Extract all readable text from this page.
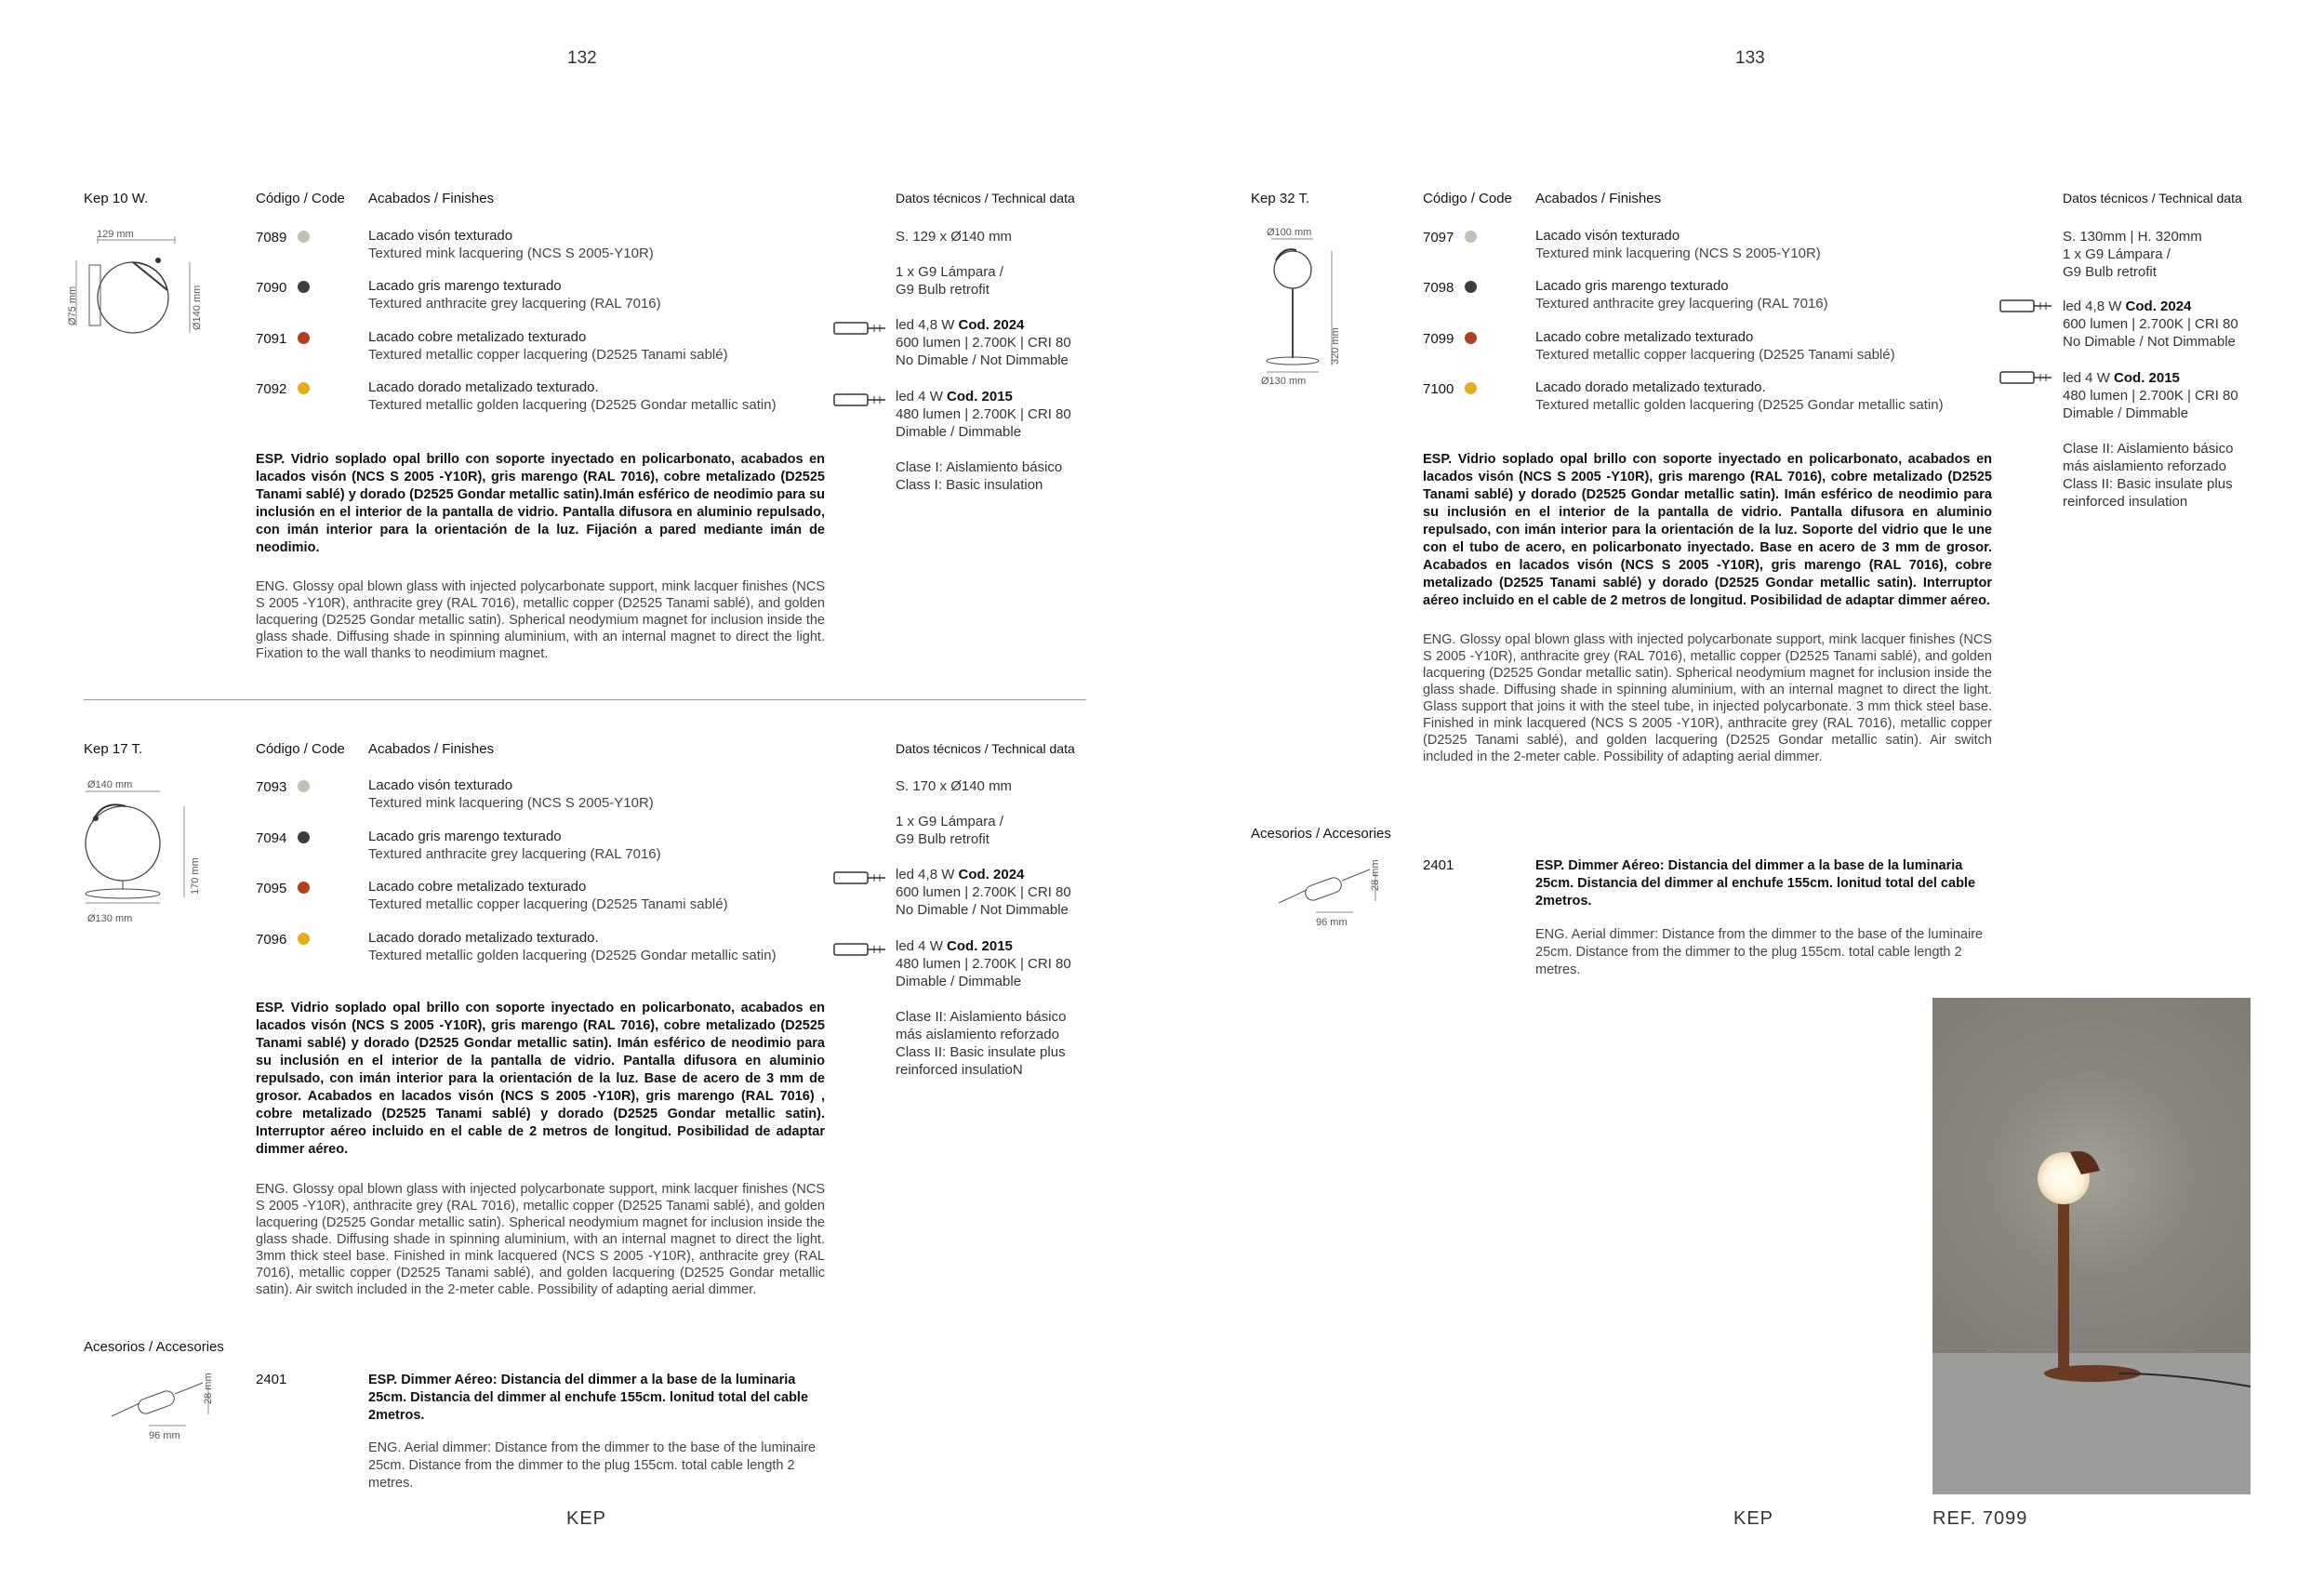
132
Kep 10 W.	Código / Code Acabados / Finishes	Datos técnicos / Technical data
129 mm
Ø75 mm	Ø140 mm
7089	Lacado visón texturado
Textured mink lacquering (NCS S 2005-Y10R)
7090	Lacado gris marengo texturado
Textured anthracite grey lacquering (RAL 7016)
7091	Lacado cobre metalizado texturado
Textured metallic copper lacquering (D2525 Tanami sablé)
7092	Lacado dorado metalizado texturado.
Textured metallic golden lacquering (D2525 Gondar metallic satin)
S. 129 x Ø140 mm
1 x G9 Lámpara /
G9 Bulb retrofit
led 4,8 W Cod. 2024
600 lumen | 2.700K | CRI 80
No Dimable / Not Dimmable
led 4 W Cod. 2015
480 lumen | 2.700K | CRI 80
Dimable / Dimmable
Clase I: Aislamiento básico
Class I: Basic insulation
ESP. Vidrio soplado opal brillo con soporte inyectado en policarbonato, acabados en lacados visón (NCS S 2005 -Y10R), gris marengo (RAL 7016), cobre metalizado (D2525 Tanami sablé) y dorado (D2525 Gondar metallic satin).Imán esférico de neodimio para su inclusión en el interior de la pantalla de vidrio. Pantalla difusora en aluminio repulsado, con imán interior para la orientación de la luz. Fijación a pared mediante imán de neodimio.
ENG. Glossy opal blown glass with injected polycarbonate support, mink lacquer finishes (NCS S 2005 -Y10R), anthracite grey (RAL 7016), metallic copper (D2525 Tanami sablé), and golden lacquering (D2525 Gondar metallic satin). Spherical neodymium magnet for inclusion inside the glass shade. Diffusing shade in spinning aluminium, with an internal magnet to direct the light. Fixation to the wall thanks to neodimium magnet.
Kep 17 T.	Código / Code Acabados / Finishes	Datos técnicos / Technical data
Ø140 mm
Ø130 mm
170 mm
7093	Lacado visón texturado
Textured mink lacquering (NCS S 2005-Y10R)
7094	Lacado gris marengo texturado
Textured anthracite grey lacquering (RAL 7016)
7095	Lacado cobre metalizado texturado
Textured metallic copper lacquering (D2525 Tanami sablé)
7096	Lacado dorado metalizado texturado.
Textured metallic golden lacquering (D2525 Gondar metallic satin)
S. 170 x Ø140 mm
1 x G9 Lámpara /
G9 Bulb retrofit
led 4,8 W Cod. 2024
600 lumen | 2.700K | CRI 80
No Dimable / Not Dimmable
led 4 W Cod. 2015
480 lumen | 2.700K | CRI 80
Dimable / Dimmable
Clase II: Aislamiento básico
más aislamiento reforzado
Class II: Basic insulate plus
reinforced insulatioN
ESP. Vidrio soplado opal brillo con soporte inyectado en policarbonato, acabados en lacados visón (NCS S 2005 -Y10R), gris marengo (RAL 7016), cobre metalizado (D2525 Tanami sablé) y dorado (D2525 Gondar metallic satin). Imán esférico de neodimio para su inclusión en el interior de la pantalla de vidrio. Pantalla difusora en aluminio repulsado, con imán interior para la orientación de la luz. Base de acero de 3 mm de grosor. Acabados en lacados visón (NCS S 2005 -Y10R), gris marengo (RAL 7016) , cobre metalizado (D2525 Tanami sablé) y dorado (D2525 Gondar metallic satin). Interruptor aéreo incluido en el cable de 2 metros de longitud. Posibilidad de adaptar dimmer aéreo.
ENG. Glossy opal blown glass with injected polycarbonate support, mink lacquer finishes (NCS S 2005 -Y10R), anthracite grey (RAL 7016), metallic copper (D2525 Tanami sablé), and golden lacquering (D2525 Gondar metallic satin). Spherical neodymium magnet for inclusion inside the glass shade. Diffusing shade in spinning aluminium, with an internal magnet to direct the light. 3mm thick steel base. Finished in mink lacquered (NCS S 2005 -Y10R), anthracite grey (RAL 7016), metallic copper (D2525 Tanami sablé), and golden lacquering (D2525 Gondar metallic satin). Air switch included in the 2-meter cable. Possibility of adapting aerial dimmer.
Acesorios / Accesories
96 mm
28 mm	2401	ESP. Dimmer Aéreo: Distancia del dimmer a la base de la luminaria 25cm. Distancia del dimmer al enchufe 155cm. lonitud total del cable 2metros.
ENG. Aerial dimmer: Distance from the dimmer to the base of the luminaire 25cm. Distance from the dimmer to the plug 155cm. total cable length 2 metres.
KEP
133
Kep 32 T.	Código / Code Acabados / Finishes	Datos técnicos / Technical data
Ø100 mm
Ø130 mm
320 mm
7097	Lacado visón texturado
Textured mink lacquering (NCS S 2005-Y10R)
7098	Lacado gris marengo texturado
Textured anthracite grey lacquering (RAL 7016)
7099	Lacado cobre metalizado texturado
Textured metallic copper lacquering (D2525 Tanami sablé)
7100	Lacado dorado metalizado texturado.
Textured metallic golden lacquering (D2525 Gondar metallic satin)
S. 130mm | H. 320mm
1 x G9 Lámpara /
G9 Bulb retrofit
led 4,8 W Cod. 2024
600 lumen | 2.700K | CRI 80
No Dimable / Not Dimmable
led 4 W Cod. 2015
480 lumen | 2.700K | CRI 80
Dimable / Dimmable
Clase II: Aislamiento básico
más aislamiento reforzado
Class II: Basic insulate plus
reinforced insulation
ESP. Vidrio soplado opal brillo con soporte inyectado en policarbonato, acabados en lacados visón (NCS S 2005 -Y10R), gris marengo (RAL 7016), cobre metalizado (D2525 Tanami sablé) y dorado (D2525 Gondar metallic satin). Imán esférico de neodimio para su inclusión en el interior de la pantalla de vidrio. Pantalla difusora en aluminio repulsado, con imán interior para la orientación de la luz. Soporte del vidrio que le une con el tubo de acero, en policarbonato inyectado. Base en acero de 3 mm de grosor. Acabados en lacados visón (NCS S 2005 -Y10R), gris marengo (RAL 7016), cobre metalizado (D2525 Tanami sablé) y dorado (D2525 Gondar metallic satin). Interruptor aéreo incluido en el cable de 2 metros de longitud. Posibilidad de adaptar dimmer aéreo.
ENG. Glossy opal blown glass with injected polycarbonate support, mink lacquer finishes (NCS S 2005 -Y10R), anthracite grey (RAL 7016), metallic copper (D2525 Tanami sablé), and golden lacquering (D2525 Gondar metallic satin). Spherical neodymium magnet for inclusion inside the glass shade. Diffusing shade in spinning aluminium, with an internal magnet to direct the light. Glass support that joins it with the steel tube, in injected polycarbonate. 3 mm thick steel base. Finished in mink lacquered (NCS S 2005 -Y10R), anthracite grey (RAL 7016), metallic copper (D2525 Tanami sablé), and golden lacquering (D2525 Gondar metallic satin). Air switch included in the 2-meter cable. Possibility of adapting aerial dimmer.
Acesorios / Accesories
96 mm
28 mm	2401	ESP. Dimmer Aéreo: Distancia del dimmer a la base de la luminaria 25cm. Distancia del dimmer al enchufe 155cm. lonitud total del cable 2metros.
ENG. Aerial dimmer: Distance from the dimmer to the base of the luminaire 25cm. Distance from the dimmer to the plug 155cm. total cable length 2 metres.
KEP	REF. 7099
